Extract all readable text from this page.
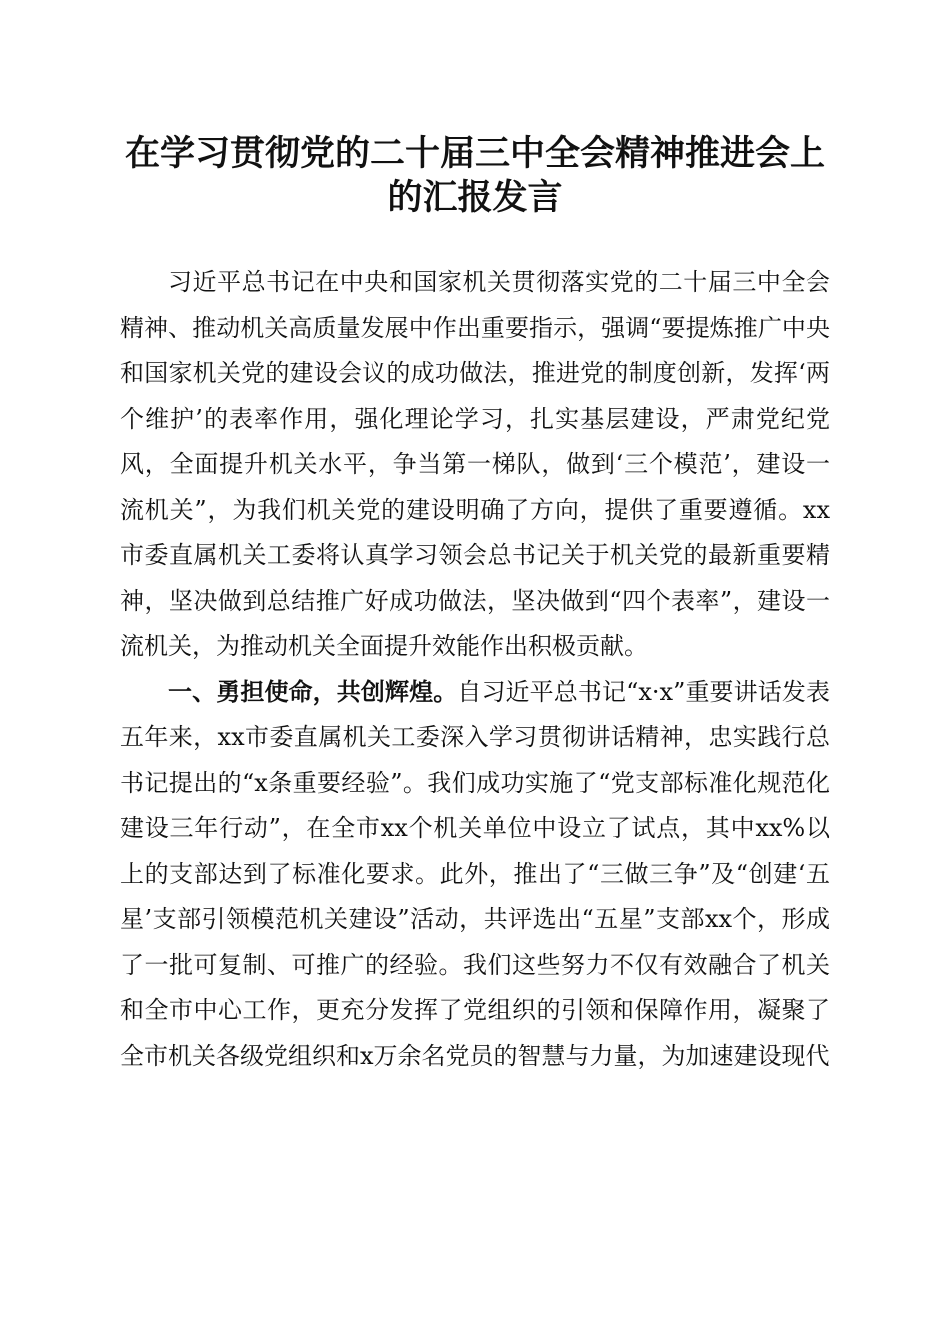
在学习贯彻党的二十届三中全会精神推进会上
的汇报发言

习近平总书记在中央和国家机关贯彻落实党的二十届三中全会精神、推动机关高质量发展中作出重要指示，强调“要提炼推广中央和国家机关党的建设会议的成功做法，推进党的制度创新，发挥‘两个维护’的表率作用，强化理论学习，扎实基层建设，严肃党纪党风，全面提升机关水平，争当第一梯队，做到‘三个模范’，建设一流机关”，为我们机关党的建设明确了方向，提供了重要遵循。xx市委直属机关工委将认真学习领会总书记关于机关党的最新重要精神，坚决做到总结推广好成功做法，坚决做到“四个表率”，建设一流机关，为推动机关全面提升效能作出积极贡献。

一、勇担使命，共创辉煌。自习近平总书记“x·x”重要讲话发表五年来，xx市委直属机关工委深入学习贯彻讲话精神，忠实践行总书记提出的“x条重要经验”。我们成功实施了“党支部标准化规范化建设三年行动”，在全市xx个机关单位中设立了试点，其中xx%以上的支部达到了标准化要求。此外，推出了“三做三争”及“创建‘五星’支部引领模范机关建设”活动，共评选出“五星”支部xx个，形成了一批可复制、可推广的经验。我们这些努力不仅有效融合了机关和全市中心工作，更充分发挥了党组织的引领和保障作用，凝聚了全市机关各级党组织和x万余名党员的智慧与力量，为加速建设现代
